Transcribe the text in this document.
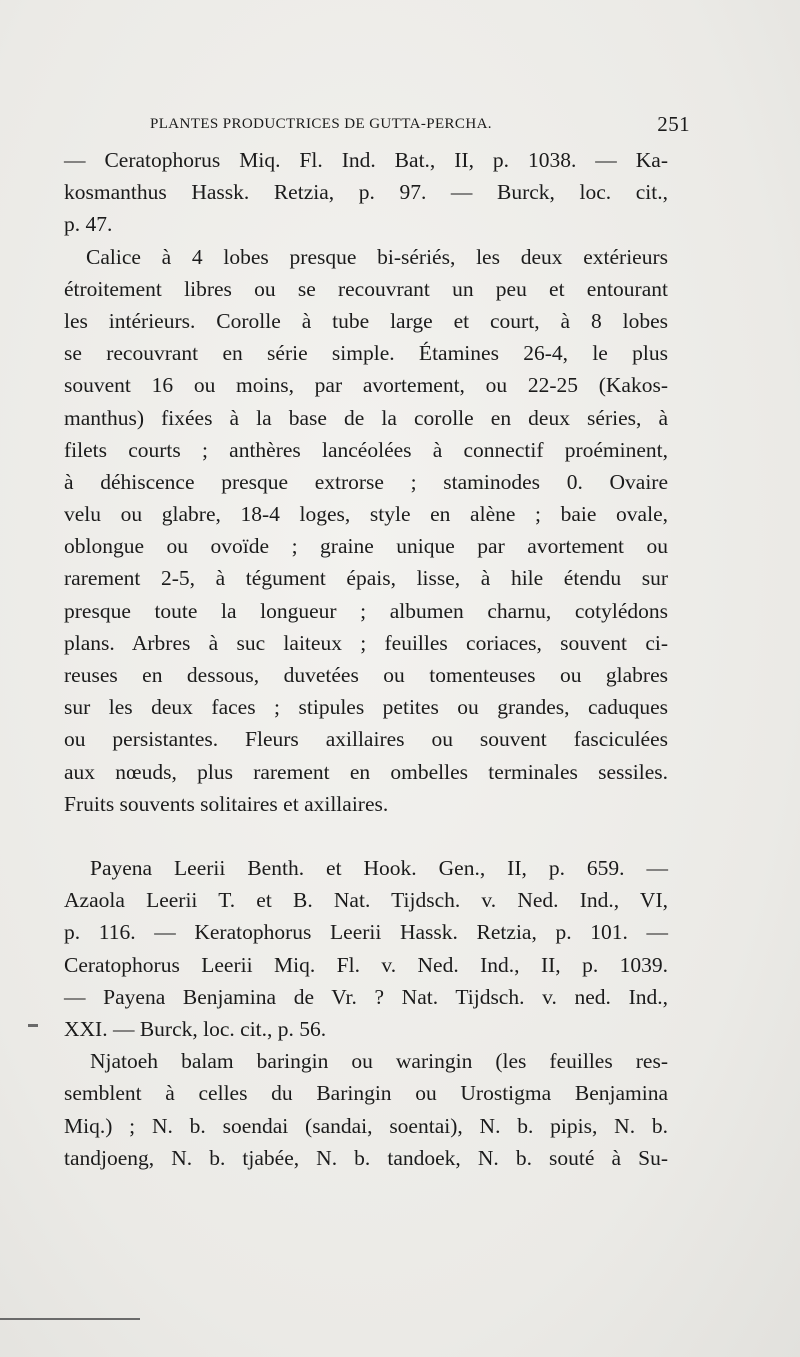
PLANTES PRODUCTRICES DE GUTTA-PERCHA.	251
— Ceratophorus Miq. Fl. Ind. Bat., II, p. 1038. — Ka-
kosmanthus Hassk. Retzia, p. 97. — Burck, loc. cit.,
p. 47.
Calice à 4 lobes presque bi-sériés, les deux extérieurs
étroitement libres ou se recouvrant un peu et entourant
les intérieurs. Corolle à tube large et court, à 8 lobes
se recouvrant en série simple. Étamines 26-4, le plus
souvent 16 ou moins, par avortement, ou 22-25 (Kakos-
manthus) fixées à la base de la corolle en deux séries, à
filets courts ; anthères lancéolées à connectif proéminent,
à déhiscence presque extrorse ; staminodes 0. Ovaire
velu ou glabre, 18-4 loges, style en alène ; baie ovale,
oblongue ou ovoïde ; graine unique par avortement ou
rarement 2-5, à tégument épais, lisse, à hile étendu sur
presque toute la longueur ; albumen charnu, cotylédons
plans. Arbres à suc laiteux ; feuilles coriaces, souvent ci-
reuses en dessous, duvetées ou tomenteuses ou glabres
sur les deux faces ; stipules petites ou grandes, caduques
ou persistantes. Fleurs axillaires ou souvent fasciculées
aux nœuds, plus rarement en ombelles terminales sessiles.
Fruits souvents solitaires et axillaires.
Payena Leerii Benth. et Hook. Gen., II, p. 659. —
Azaola Leerii T. et B. Nat. Tijdsch. v. Ned. Ind., VI,
p. 116. — Keratophorus Leerii Hassk. Retzia, p. 101. —
Ceratophorus Leerii Miq. Fl. v. Ned. Ind., II, p. 1039.
— Payena Benjamina de Vr. ? Nat. Tijdsch. v. ned. Ind.,
XXI. — Burck, loc. cit., p. 56.
Njatoeh balam baringin ou waringin (les feuilles res-
semblent à celles du Baringin ou Urostigma Benjamina
Miq.) ; N. b. soendai (sandai, soentai), N. b. pipis, N. b.
tandjoeng, N. b. tjabée, N. b. tandoek, N. b. souté à Su-
